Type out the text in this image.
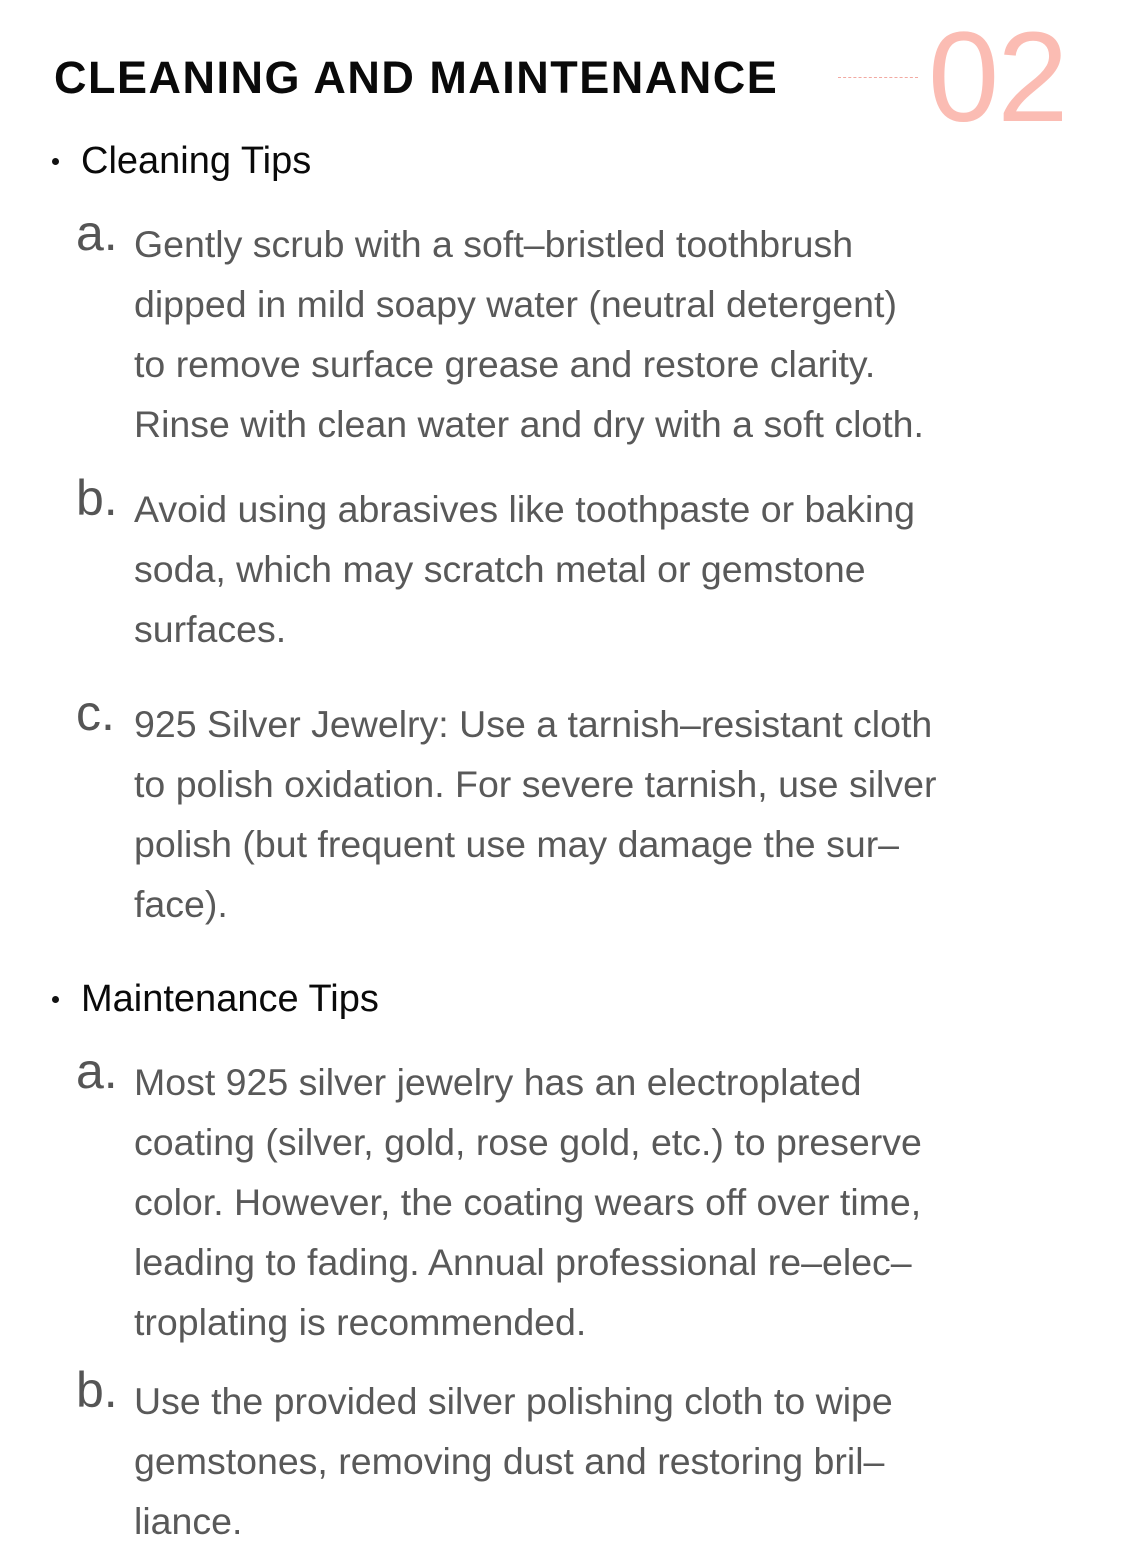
CLEANING AND MAINTENANCE 02
Cleaning Tips
a. Gently scrub with a soft–bristled toothbrush
dipped in mild soapy water (neutral detergent)
to remove surface grease and restore clarity.
Rinse with clean water and dry with a soft cloth.
b. Avoid using abrasives like toothpaste or baking
soda, which may scratch metal or gemstone
surfaces.
c. 925 Silver Jewelry: Use a tarnish–resistant cloth
to polish oxidation. For severe tarnish, use silver
polish (but frequent use may damage the sur–
face).
Maintenance Tips
a. Most 925 silver jewelry has an electroplated
coating (silver, gold, rose gold, etc.) to preserve
color. However, the coating wears off over time,
leading to fading. Annual professional re–elec–
troplating is recommended.
b. Use the provided silver polishing cloth to wipe
gemstones, removing dust and restoring bril–
liance.
